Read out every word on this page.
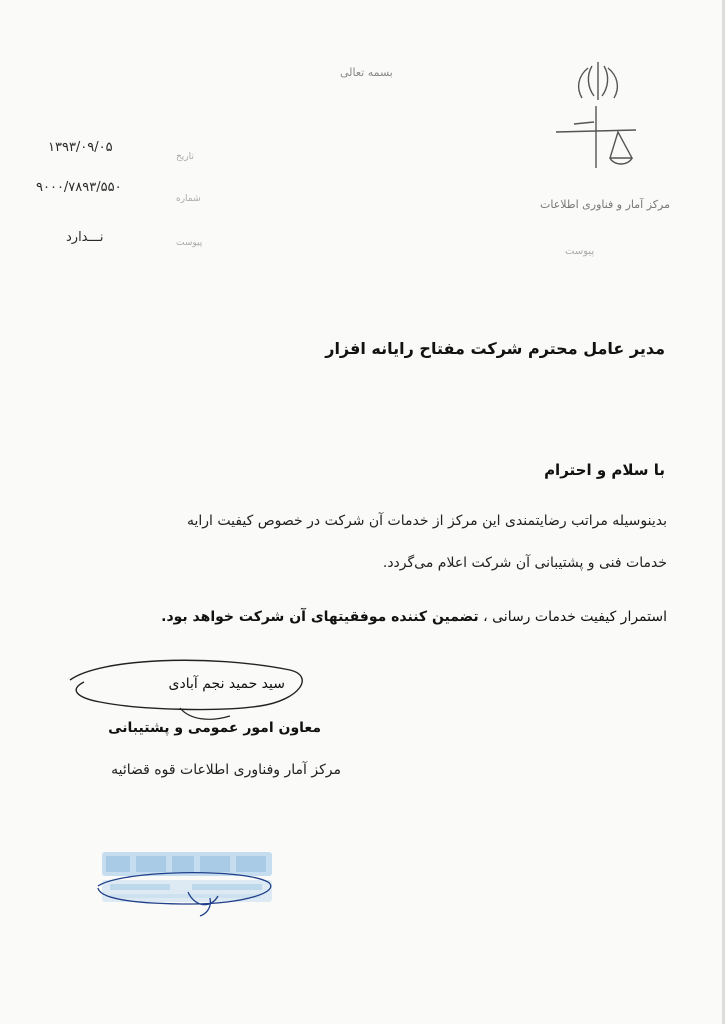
بسمه تعالی
مرکز آمار و فناوری اطلاعات
پیوست
۱۳۹۳/۰۹/۰۵
تاریخ
۹۰۰۰/۷۸۹۳/۵۵۰
شماره
نـــدارد	پیوست
مدیر عامل محترم شرکت مفتاح رایانه افزار
با سلام و احترام
بدینوسیله مراتب رضایتمندی این مرکز از خدمات آن شرکت در خصوص کیفیت ارایه
خدمات فنی و پشتیبانی آن شرکت اعلام می‌گردد.
استمرار کیفیت خدمات رسانی ، تضمین کننده موفقیتهای آن شرکت خواهد بود.
سید حمید نجم آبادی
معاون امور عمومی و پشتیبانی
مرکز آمار وفناوری اطلاعات قوه قضائیه
